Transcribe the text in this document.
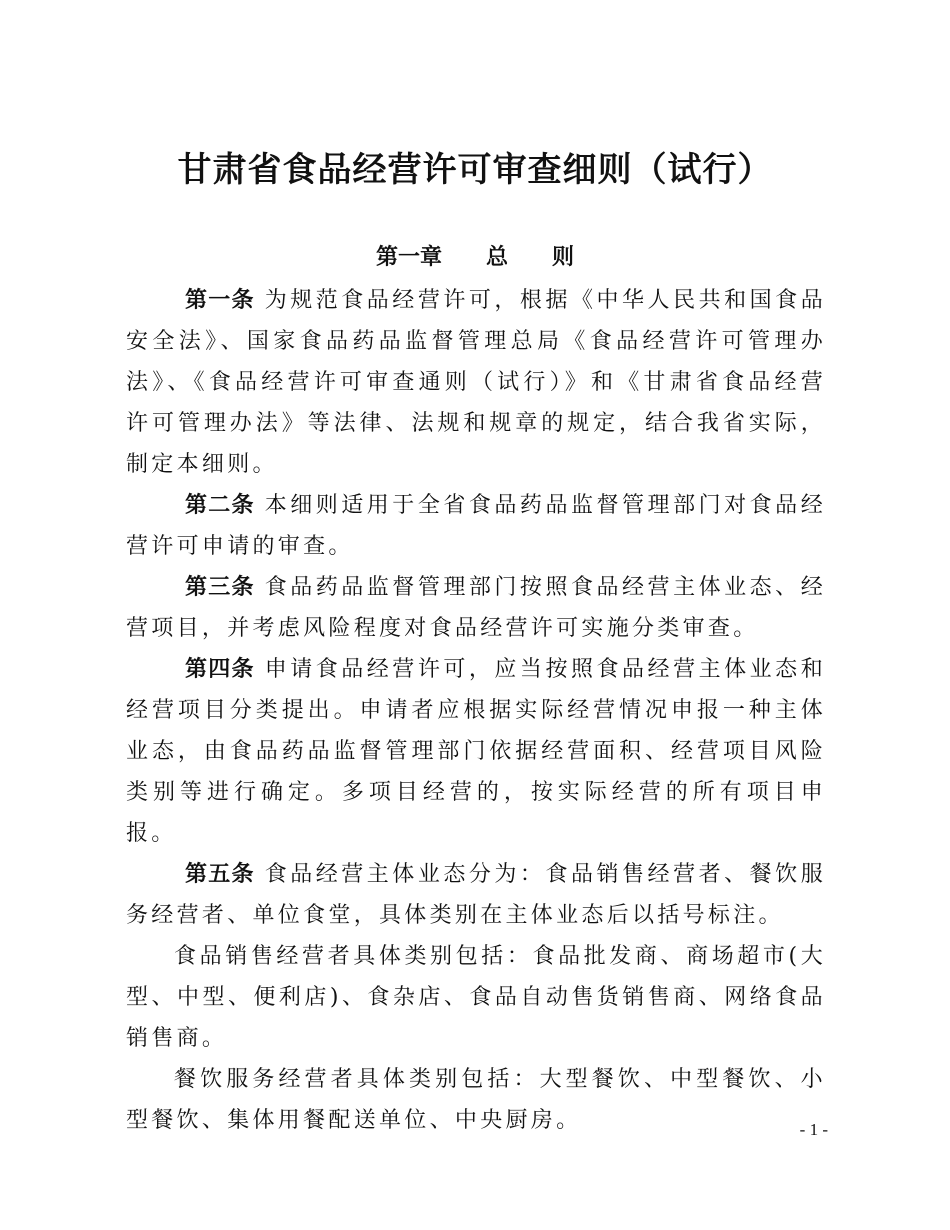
甘肃省食品经营许可审查细则（试行）
第一章　　总　　则

第一条 为规范食品经营许可，根据《中华人民共和国食品安全法》、国家食品药品监督管理总局《食品经营许可管理办法》、《食品经营许可审查通则（试行）》和《甘肃省食品经营许可管理办法》等法律、法规和规章的规定，结合我省实际，制定本细则。

第二条 本细则适用于全省食品药品监督管理部门对食品经营许可申请的审查。

第三条 食品药品监督管理部门按照食品经营主体业态、经营项目，并考虑风险程度对食品经营许可实施分类审查。

第四条 申请食品经营许可，应当按照食品经营主体业态和经营项目分类提出。申请者应根据实际经营情况申报一种主体业态，由食品药品监督管理部门依据经营面积、经营项目风险类别等进行确定。多项目经营的，按实际经营的所有项目申报。

第五条 食品经营主体业态分为：食品销售经营者、餐饮服务经营者、单位食堂，具体类别在主体业态后以括号标注。

食品销售经营者具体类别包括：食品批发商、商场超市(大型、中型、便利店)、食杂店、食品自动售货销售商、网络食品销售商。

餐饮服务经营者具体类别包括：大型餐饮、中型餐饮、小型餐饮、集体用餐配送单位、中央厨房。	- 1 -
